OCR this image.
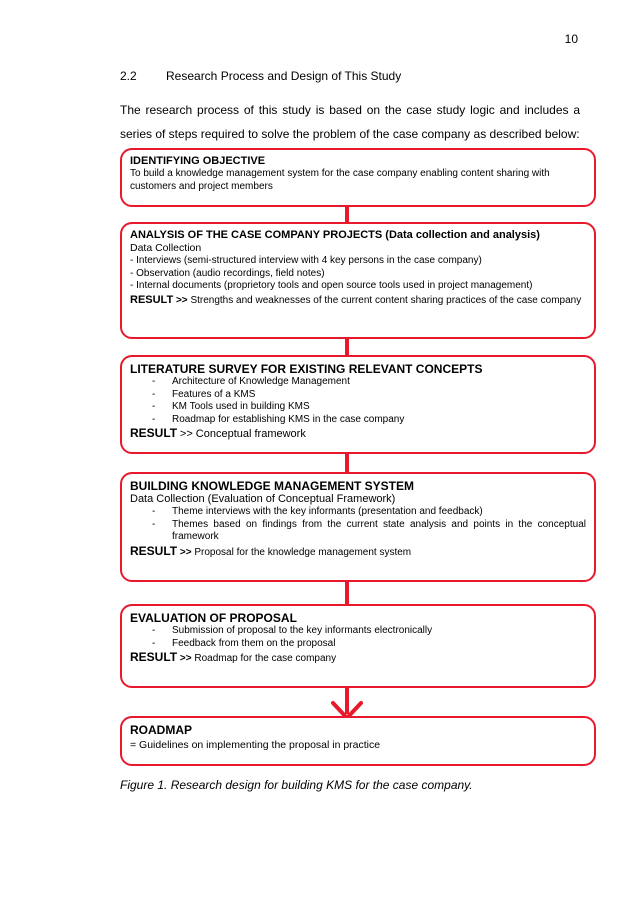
10
2.2 Research Process and Design of This Study
The research process of this study is based on the case study logic and includes a
series of steps required to solve the problem of the case company as described below:
IDENTIFYING OBJECTIVE
To build a knowledge management system for the case company enabling content sharing with customers and project members
ANALYSIS OF THE CASE COMPANY PROJECTS (Data collection and analysis)
Data Collection
- Interviews (semi-structured interview with 4 key persons in the case company)
- Observation (audio recordings, field notes)
- Internal documents (proprietory tools and open source tools used in project management)
RESULT >> Strengths and weaknesses of the current content sharing practices of the case company
LITERATURE SURVEY FOR EXISTING RELEVANT CONCEPTS
- Architecture of Knowledge Management
- Features of a KMS
- KM Tools used in building KMS
- Roadmap for establishing KMS in the case company
RESULT >> Conceptual framework
BUILDING KNOWLEDGE MANAGEMENT SYSTEM
Data Collection (Evaluation of Conceptual Framework)
- Theme interviews with the key informants (presentation and feedback)
- Themes based on findings from the current state analysis and points in the conceptual framework
RESULT >> Proposal for the knowledge management system
EVALUATION OF PROPOSAL
- Submission of proposal to the key informants electronically
- Feedback from them on the proposal
RESULT >> Roadmap for the case company
ROADMAP
= Guidelines on implementing the proposal in practice
Figure 1. Research design for building KMS for the case company.
